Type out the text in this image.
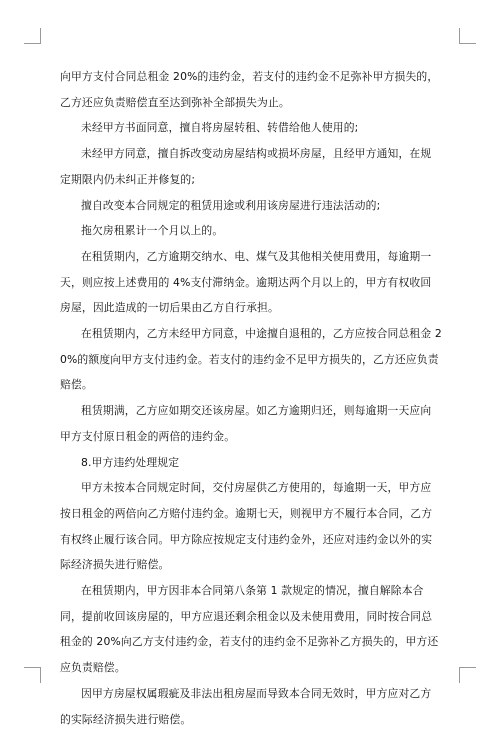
向甲方支付合同总租金 20%的违约金，若支付的违约金不足弥补甲方损失的，乙方还应负责赔偿直至达到弥补全部损失为止。

未经甲方书面同意，擅自将房屋转租、转借给他人使用的;

未经甲方同意，擅自拆改变动房屋结构或损坏房屋，且经甲方通知，在规定期限内仍未纠正并修复的;

擅自改变本合同规定的租赁用途或利用该房屋进行违法活动的;

拖欠房租累计一个月以上的。

在租赁期内，乙方逾期交纳水、电、煤气及其他相关使用费用，每逾期一天，则应按上述费用的 4%支付滞纳金。逾期达两个月以上的，甲方有权收回房屋，因此造成的一切后果由乙方自行承担。

在租赁期内，乙方未经甲方同意，中途擅自退租的，乙方应按合同总租金 20%的额度向甲方支付违约金。若支付的违约金不足甲方损失的，乙方还应负责赔偿。

租赁期满，乙方应如期交还该房屋。如乙方逾期归还，则每逾期一天应向甲方支付原日租金的两倍的违约金。

8.甲方违约处理规定

甲方未按本合同规定时间，交付房屋供乙方使用的，每逾期一天，甲方应按日租金的两倍向乙方赔付违约金。逾期七天，则视甲方不履行本合同，乙方有权终止履行该合同。甲方除应按规定支付违约金外，还应对违约金以外的实际经济损失进行赔偿。

在租赁期内，甲方因非本合同第八条第 1 款规定的情况，擅自解除本合同，提前收回该房屋的，甲方应退还剩余租金以及未使用费用，同时按合同总租金的 20%向乙方支付违约金，若支付的违约金不足弥补乙方损失的，甲方还应负责赔偿。

因甲方房屋权属瑕疵及非法出租房屋而导致本合同无效时，甲方应对乙方的实际经济损失进行赔偿。
